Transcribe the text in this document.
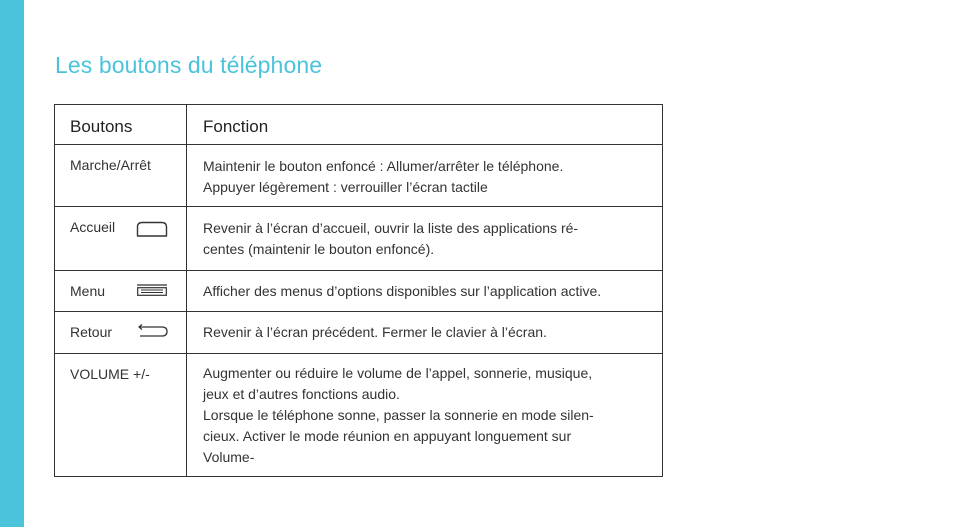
Les boutons du téléphone
Boutons	Fonction

Marche/Arrêt	Maintenir le bouton enfoncé : Allumer/arrêter le téléphone.
Appuyer légèrement : verrouiller l’écran tactile

Accueil	Revenir à l’écran d’accueil, ouvrir la liste des applications ré-
centes (maintenir le bouton enfoncé).

Menu	Afficher des menus d’options disponibles sur l’application active.

Retour	Revenir à l’écran précédent. Fermer le clavier à l’écran.

VOLUME +/-	Augmenter ou réduire le volume de l’appel, sonnerie, musique,
jeux et d’autres fonctions audio.
Lorsque le téléphone sonne, passer la sonnerie en mode silen-
cieux. Activer le mode réunion en appuyant longuement sur
Volume-
